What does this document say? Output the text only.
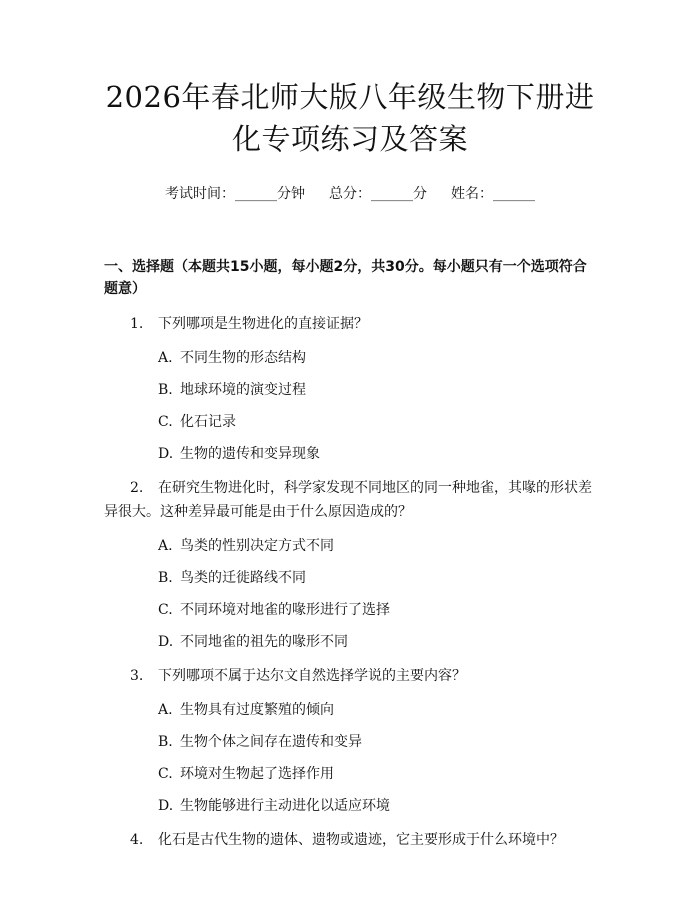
2026年春北师大版八年级生物下册进化专项练习及答案
考试时间：______分钟 总分：______分 姓名：______
一、选择题（本题共15小题，每小题2分，共30分。每小题只有一个选项符合题意）

1. 下列哪项是生物进化的直接证据？

A. 不同生物的形态结构
B. 地球环境的演变过程
C. 化石记录
D. 生物的遗传和变异现象

2. 在研究生物进化时，科学家发现不同地区的同一种地雀，其喙的形状差异很大。这种差异最可能是由于什么原因造成的？

A. 鸟类的性别决定方式不同
B. 鸟类的迁徙路线不同
C. 不同环境对地雀的喙形进行了选择
D. 不同地雀的祖先的喙形不同

3. 下列哪项不属于达尔文自然选择学说的主要内容？

A. 生物具有过度繁殖的倾向
B. 生物个体之间存在遗传和变异
C. 环境对生物起了选择作用
D. 生物能够进行主动进化以适应环境

4. 化石是古代生物的遗体、遗物或遗迹，它主要形成于什么环境中？
